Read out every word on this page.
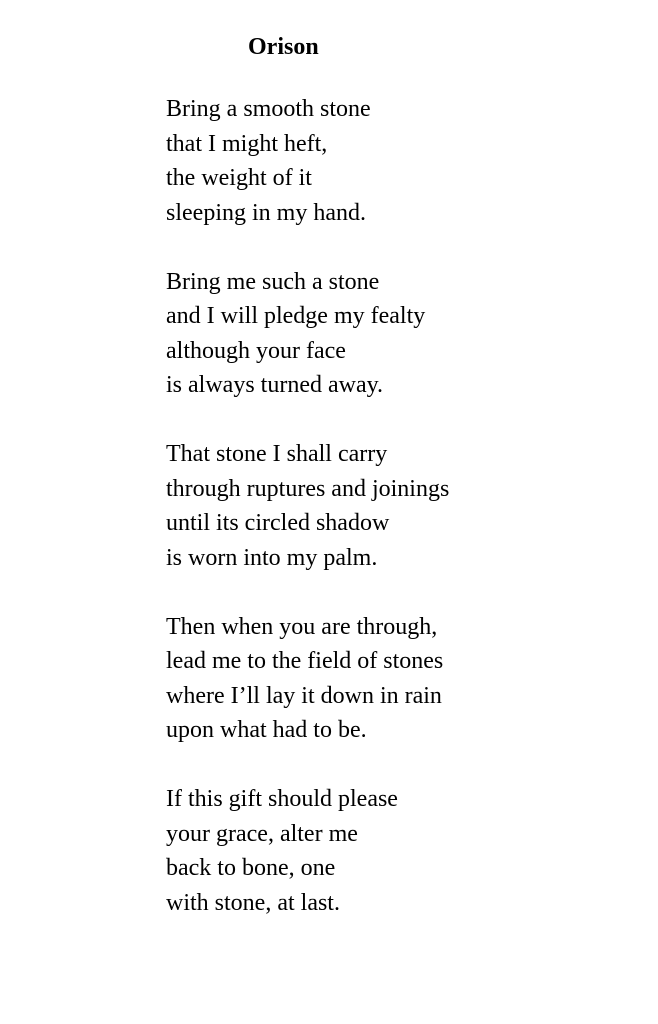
Orison
Bring a smooth stone
that I might heft,
the weight of it
sleeping in my hand.
Bring me such a stone
and I will pledge my fealty
although your face
is always turned away.
That stone I shall carry
through ruptures and joinings
until its circled shadow
is worn into my palm.
Then when you are through,
lead me to the field of stones
where I’ll lay it down in rain
upon what had to be.
If this gift should please
your grace, alter me
back to bone, one
with stone, at last.
